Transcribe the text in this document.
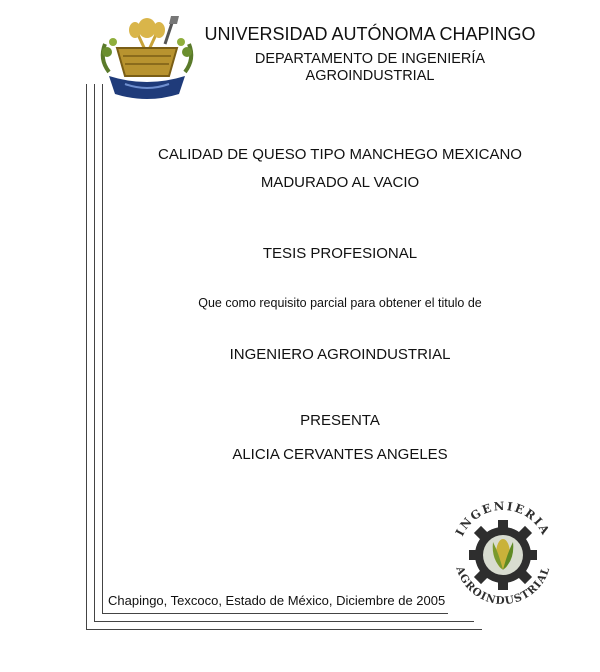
UNIVERSIDAD AUTÓNOMA CHAPINGO
DEPARTAMENTO DE INGENIERÍA
AGROINDUSTRIAL
CALIDAD DE QUESO TIPO MANCHEGO MEXICANO
MADURADO AL VACIO
TESIS PROFESIONAL
Que como requisito parcial para obtener el titulo de
INGENIERO AGROINDUSTRIAL
PRESENTA
ALICIA CERVANTES ANGELES
Chapingo, Texcoco, Estado de México, Diciembre de 2005
INGENIERIA
AGROINDUSTRIAL
